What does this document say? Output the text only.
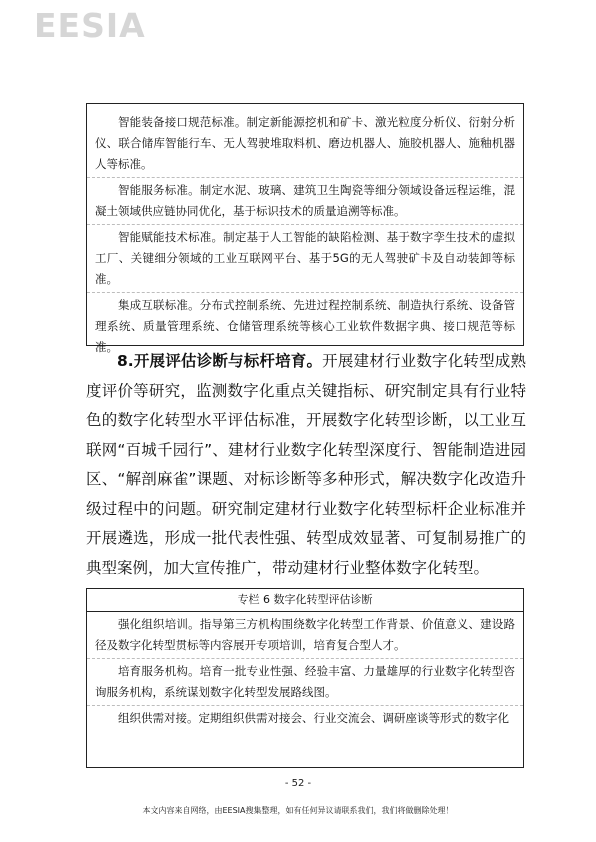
EESIA

智能装备接口规范标准。制定新能源挖机和矿卡、激光粒度分析仪、衍射分析仪、联合储库智能行车、无人驾驶堆取料机、磨边机器人、施胶机器人、施釉机器人等标准。

智能服务标准。制定水泥、玻璃、建筑卫生陶瓷等细分领域设备远程运维，混凝土领域供应链协同优化，基于标识技术的质量追溯等标准。

智能赋能技术标准。制定基于人工智能的缺陷检测、基于数字孪生技术的虚拟工厂、关键细分领域的工业互联网平台、基于5G的无人驾驶矿卡及自动装卸等标准。

集成互联标准。分布式控制系统、先进过程控制系统、制造执行系统、设备管理系统、质量管理系统、仓储管理系统等核心工业软件数据字典、接口规范等标准。

8.开展评估诊断与标杆培育。开展建材行业数字化转型成熟度评价等研究，监测数字化重点关键指标、研究制定具有行业特色的数字化转型水平评估标准，开展数字化转型诊断，以工业互联网“百城千园行”、建材行业数字化转型深度行、智能制造进园区、“解剖麻雀”课题、对标诊断等多种形式，解决数字化改造升级过程中的问题。研究制定建材行业数字化转型标杆企业标准并开展遴选，形成一批代表性强、转型成效显著、可复制易推广的典型案例，加大宣传推广，带动建材行业整体数字化转型。

专栏 6 数字化转型评估诊断

强化组织培训。指导第三方机构围绕数字化转型工作背景、价值意义、建设路径及数字化转型贯标等内容展开专项培训，培育复合型人才。

培育服务机构。培育一批专业性强、经验丰富、力量雄厚的行业数字化转型咨询服务机构，系统谋划数字化转型发展路线图。

组织供需对接。定期组织供需对接会、行业交流会、调研座谈等形式的数字化

- 52 -
本文内容来自网络，由EESIA搜集整理，如有任何异议请联系我们，我们将做删除处理！
